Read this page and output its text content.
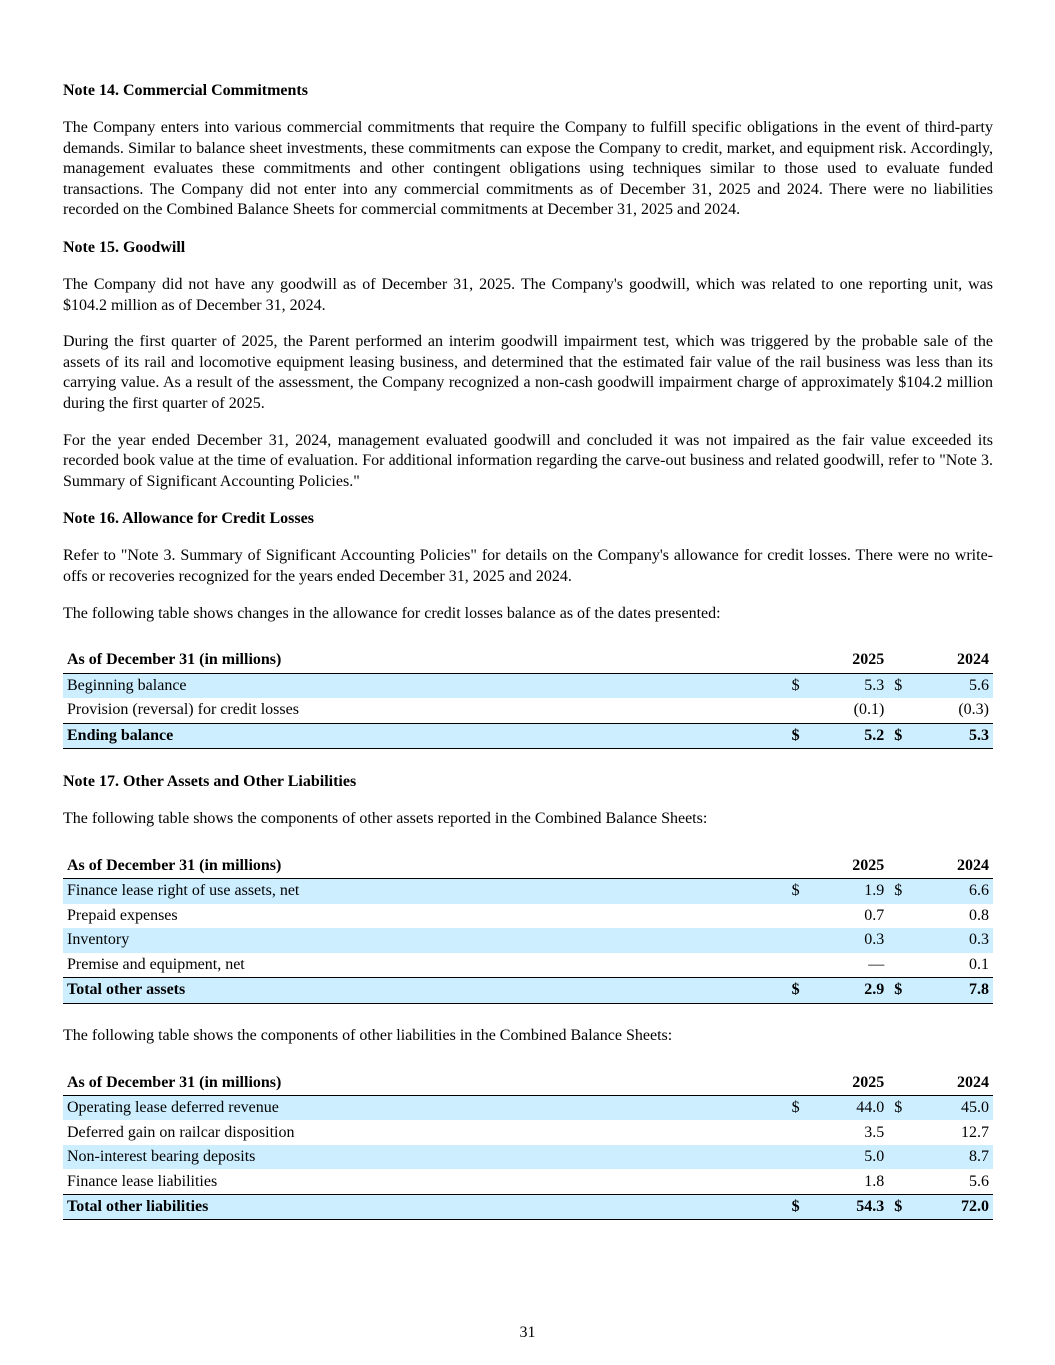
Note 14. Commercial Commitments

The Company enters into various commercial commitments that require the Company to fulfill specific obligations in the event of third-party demands. Similar to balance sheet investments, these commitments can expose the Company to credit, market, and equipment risk. Accordingly, management evaluates these commitments and other contingent obligations using techniques similar to those used to evaluate funded transactions. The Company did not enter into any commercial commitments as of December 31, 2025 and 2024. There were no liabilities recorded on the Combined Balance Sheets for commercial commitments at December 31, 2025 and 2024.

Note 15. Goodwill

The Company did not have any goodwill as of December 31, 2025. The Company's goodwill, which was related to one reporting unit, was $104.2 million as of December 31, 2024.

During the first quarter of 2025, the Parent performed an interim goodwill impairment test, which was triggered by the probable sale of the assets of its rail and locomotive equipment leasing business, and determined that the estimated fair value of the rail business was less than its carrying value. As a result of the assessment, the Company recognized a non-cash goodwill impairment charge of approximately $104.2 million during the first quarter of 2025.

For the year ended December 31, 2024, management evaluated goodwill and concluded it was not impaired as the fair value exceeded its recorded book value at the time of evaluation. For additional information regarding the carve-out business and related goodwill, refer to "Note 3. Summary of Significant Accounting Policies."

Note 16. Allowance for Credit Losses

Refer to "Note 3. Summary of Significant Accounting Policies" for details on the Company's allowance for credit losses. There were no write-offs or recoveries recognized for the years ended December 31, 2025 and 2024.

The following table shows changes in the allowance for credit losses balance as of the dates presented:

As of December 31 (in millions)		2025		2024
Beginning balance	$	5.3	$	5.6
Provision (reversal) for credit losses		(0.1)		(0.3)
Ending balance	$	5.2	$	5.3
Note 17. Other Assets and Other Liabilities

The following table shows the components of other assets reported in the Combined Balance Sheets:

As of December 31 (in millions)		2025		2024
Finance lease right of use assets, net	$	1.9	$	6.6
Prepaid expenses		0.7		0.8
Inventory		0.3		0.3
Premise and equipment, net		—		0.1
Total other assets	$	2.9	$	7.8

The following table shows the components of other liabilities in the Combined Balance Sheets:

As of December 31 (in millions)		2025		2024
Operating lease deferred revenue	$	44.0	$	45.0
Deferred gain on railcar disposition		3.5		12.7
Non-interest bearing deposits		5.0		8.7
Finance lease liabilities		1.8		5.6
Total other liabilities	$	54.3	$	72.0
31
